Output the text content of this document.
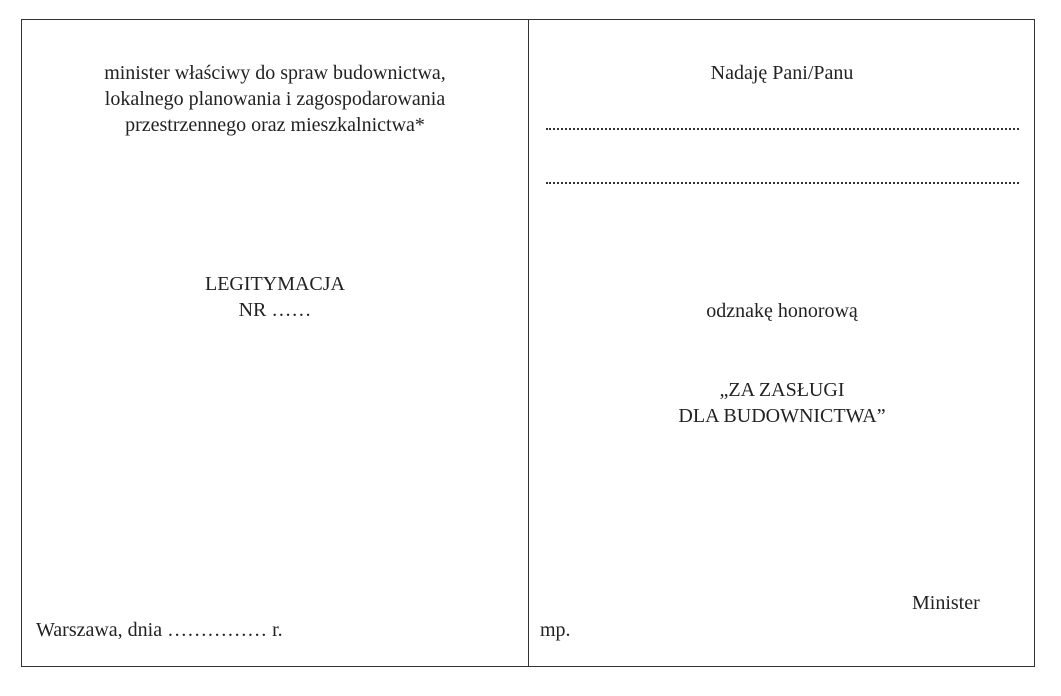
minister właściwy do spraw budownictwa,
lokalnego planowania i zagospodarowania
przestrzennego oraz mieszkalnictwa*
LEGITYMACJA
NR ……
Warszawa, dnia …………… r.
Nadaję Pani/Panu
odznakę honorową
„ZA ZASŁUGI
DLA BUDOWNICTWA”
Minister
mp.
